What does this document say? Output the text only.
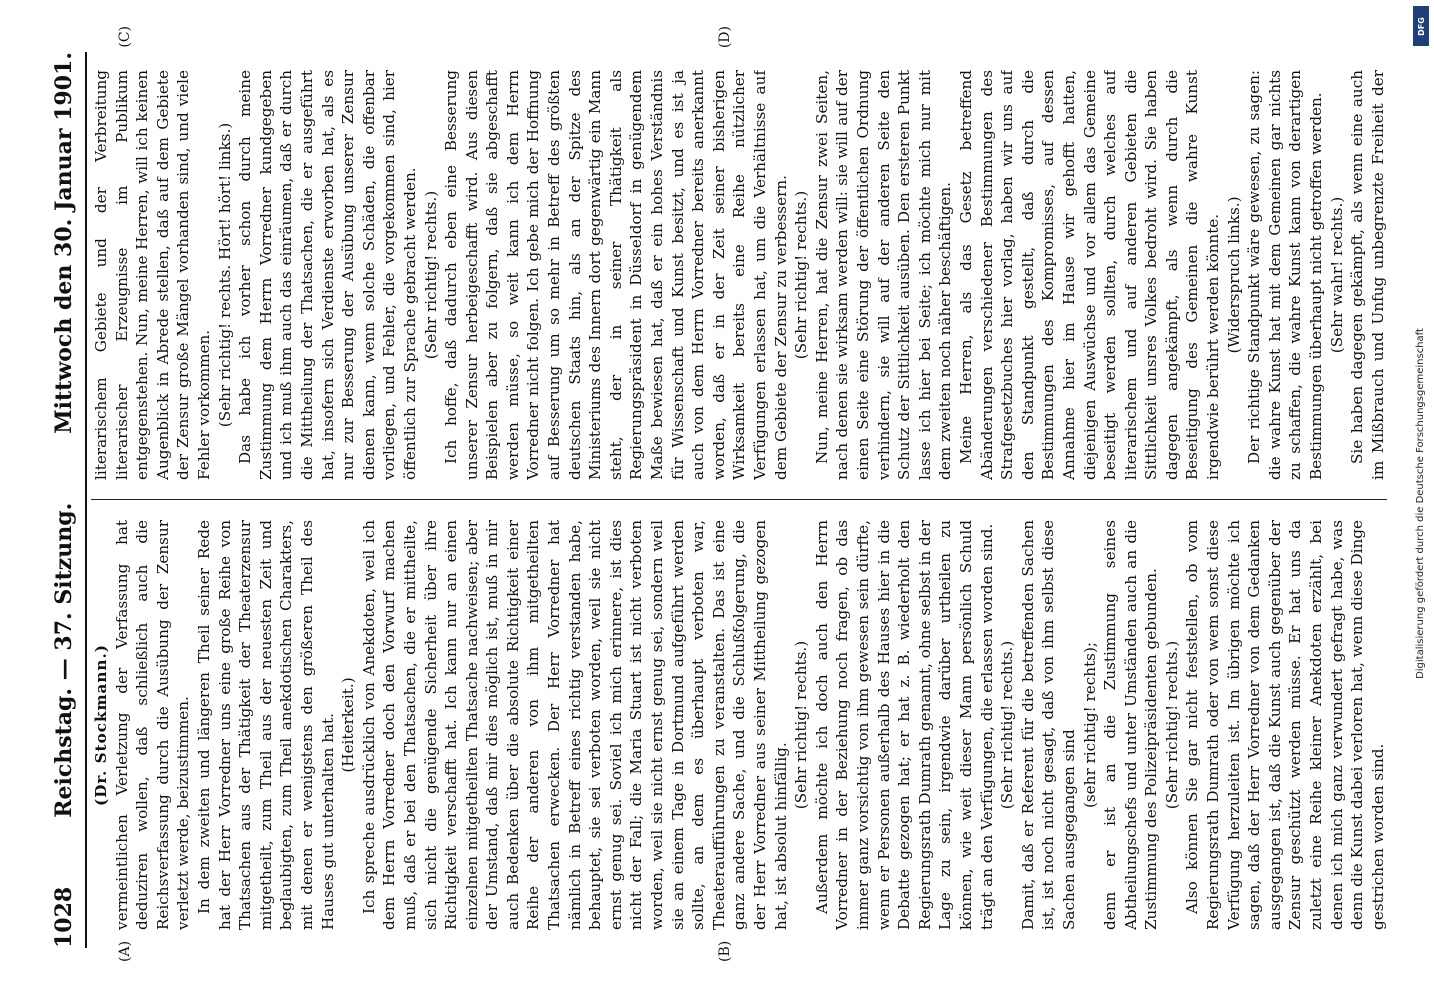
1028
Reichstag. — 37. Sitzung.
Mittwoch den 30. Januar 1901.
(A)	(B)
(C)	(D)

(Dr. Stockmann.) vermeintlichen Verletzung der Verfassung hat deduziren wollen, daß schließlich auch die Reichsverfassung durch die Ausübung der Zensur verletzt werde, beizustimmen. In dem zweiten und längeren Theil seiner Rede hat der Herr Vorredner uns eine große Reihe von Thatsachen aus der Thätigkeit der Theaterzensur mitgetheilt, zum Theil aus der neuesten Zeit und beglaubigten, zum Theil anekdotischen Charakters, mit denen er wenigstens den größeren Theil des Hauses gut unterhalten hat. (Heiterkeit.) Ich spreche ausdrücklich von Anekdoten, weil ich dem Herrn Vorredner doch den Vorwurf machen muß, daß er bei den Thatsachen, die er mittheilte, sich nicht die genügende Sicherheit über ihre Richtigkeit verschafft hat. Ich kann nur an einen einzelnen mitgetheilten Thatsache nachweisen; aber der Umstand, daß mir dies möglich ist, muß in mir auch Bedenken über die absolute Richtigkeit einer Reihe der anderen von ihm mitgetheilten Thatsachen erwecken. Der Herr Vorredner hat nämlich in Betreff eines richtig verstanden habe, behauptet, sie sei verboten worden, weil sie nicht ernst genug sei. Soviel ich mich erinnere, ist dies nicht der Fall; die Maria Stuart ist nicht verboten worden, weil sie nicht ernst genug sei, sondern weil sie an einem Tage in Dortmund aufgeführt werden sollte, an dem es überhaupt verboten war, Theateraufführungen zu veranstalten. Das ist eine ganz andere Sache, und die Schlußfolgerung, die der Herr Vorredner aus seiner Mittheilung gezogen hat, ist absolut hinfällig.

(Sehr richtig! rechts.) Außerdem möchte ich doch auch den Herrn Vorredner in der Beziehung noch fragen, ob das immer ganz vorsichtig von ihm gewesen sein dürfte, wenn er Personen außerhalb des Hauses hier in die Debatte gezogen hat; er hat z. B. wiederholt den Regierungsrath Dumrath genannt, ohne selbst in der Lage zu sein, irgendwie darüber urtheilen zu können, wie weit dieser Mann persönlich Schuld trägt an den Verfügungen, die erlassen worden sind. (Sehr richtig! rechts.) Damit, daß er Referent für die betreffenden Sachen ist, ist noch nicht gesagt, daß von ihm selbst diese Sachen ausgegangen sind

(sehr richtig! rechts); denn er ist an die Zustimmung seines Abtheilungschefs und unter Umständen auch an die Zustimmung des Polizeipräsidenten gebunden. (Sehr richtig! rechts.) Also können Sie gar nicht feststellen, ob vom Regierungsrath Dumrath oder von wem sonst diese Verfügung herzuleiten ist. Im übrigen möchte ich sagen, daß der Herr Vorredner von dem Gedanken ausgegangen ist, daß die Kunst auch gegenüber der Zensur geschützt werden müsse. Er hat uns da zuletzt eine Reihe kleiner Anekdoten erzählt, bei denen ich mich ganz verwundert gefragt habe, was denn die Kunst dabei verloren hat, wenn diese Dinge gestrichen worden sind.

literarischem Gebiete und der Verbreitung literarischer Erzeugnisse im Publikum entgegenstehen. Nun, meine Herren, will ich keinen Augenblick in Abrede stellen, daß auf dem Gebiete der Zensur große Mängel vorhanden sind, und viele Fehler vorkommen. (Sehr richtig! rechts. Hört! hört! links.) Das habe ich vorher schon durch meine Zustimmung dem Herrn Vorredner kundgegeben und ich muß ihm auch das einräumen, daß er durch die Mittheilung der Thatsachen, die er ausgeführt hat, insofern sich Verdienste erworben hat, als es nur zur Besserung der Ausübung unserer Zensur dienen kann, wenn solche Schäden, die offenbar vorliegen, und Fehler, die vorgekommen sind, hier öffentlich zur Sprache gebracht werden. (Sehr richtig! rechts.) Ich hoffe, daß dadurch eben eine Besserung unserer Zensur herbeigeschafft wird. Aus diesen Beispielen aber zu folgern, daß sie abgeschafft werden müsse, so weit kann ich dem Herrn Vorredner nicht folgen. Ich gebe mich der Hoffnung auf Besserung um so mehr in Betreff des größten deutschen Staats hin, als an der Spitze des Ministeriums des Innern dort gegenwärtig ein Mann steht, der in seiner Thätigkeit als Regierungspräsident in Düsseldorf in genügendem Maße bewiesen hat, daß er ein hohes Verständnis für Wissenschaft und Kunst besitzt, und es ist ja auch von dem Herrn Vorredner bereits anerkannt worden, daß er in der Zeit seiner bisherigen Wirksamkeit bereits eine Reihe nützlicher Verfügungen erlassen hat, um die Verhältnisse auf dem Gebiete der Zensur zu verbessern. (Sehr richtig! rechts.) Nun, meine Herren, hat die Zensur zwei Seiten, nach denen sie wirksam werden will: sie will auf der einen Seite eine Störung der öffentlichen Ordnung verhindern, sie will auf der anderen Seite den Schutz der Sittlichkeit ausüben. Den ersteren Punkt lasse ich hier bei Seite; ich möchte mich nur mit dem zweiten noch näher beschäftigen. Meine Herren, als das Gesetz betreffend Abänderungen verschiedener Bestimmungen des Strafgesetzbuches hier vorlag, haben wir uns auf den Standpunkt gestellt, daß durch die Bestimmungen des Kompromisses, auf dessen Annahme hier im Hause wir gehofft hatten, diejenigen Auswüchse und vor allem das Gemeine beseitigt werden sollten, durch welches auf literarischem und auf anderen Gebieten die Sittlichkeit unsres Volkes bedroht wird. Sie haben dagegen angekämpft, als wenn durch die Beseitigung des Gemeinen die wahre Kunst irgendwie berührt werden könnte. (Widerspruch links.) Der richtige Standpunkt wäre gewesen, zu sagen: die wahre Kunst hat mit dem Gemeinen gar nichts zu schaffen, die wahre Kunst kann von derartigen Bestimmungen überhaupt nicht getroffen werden. (Sehr wahr! rechts.)

Sie haben dagegen gekämpft, als wenn eine auch im Mißbrauch und Unfug unbegrenzte Freiheit der

Digitalisierung gefördert durch die Deutsche Forschungsgemeinschaft
DFG
